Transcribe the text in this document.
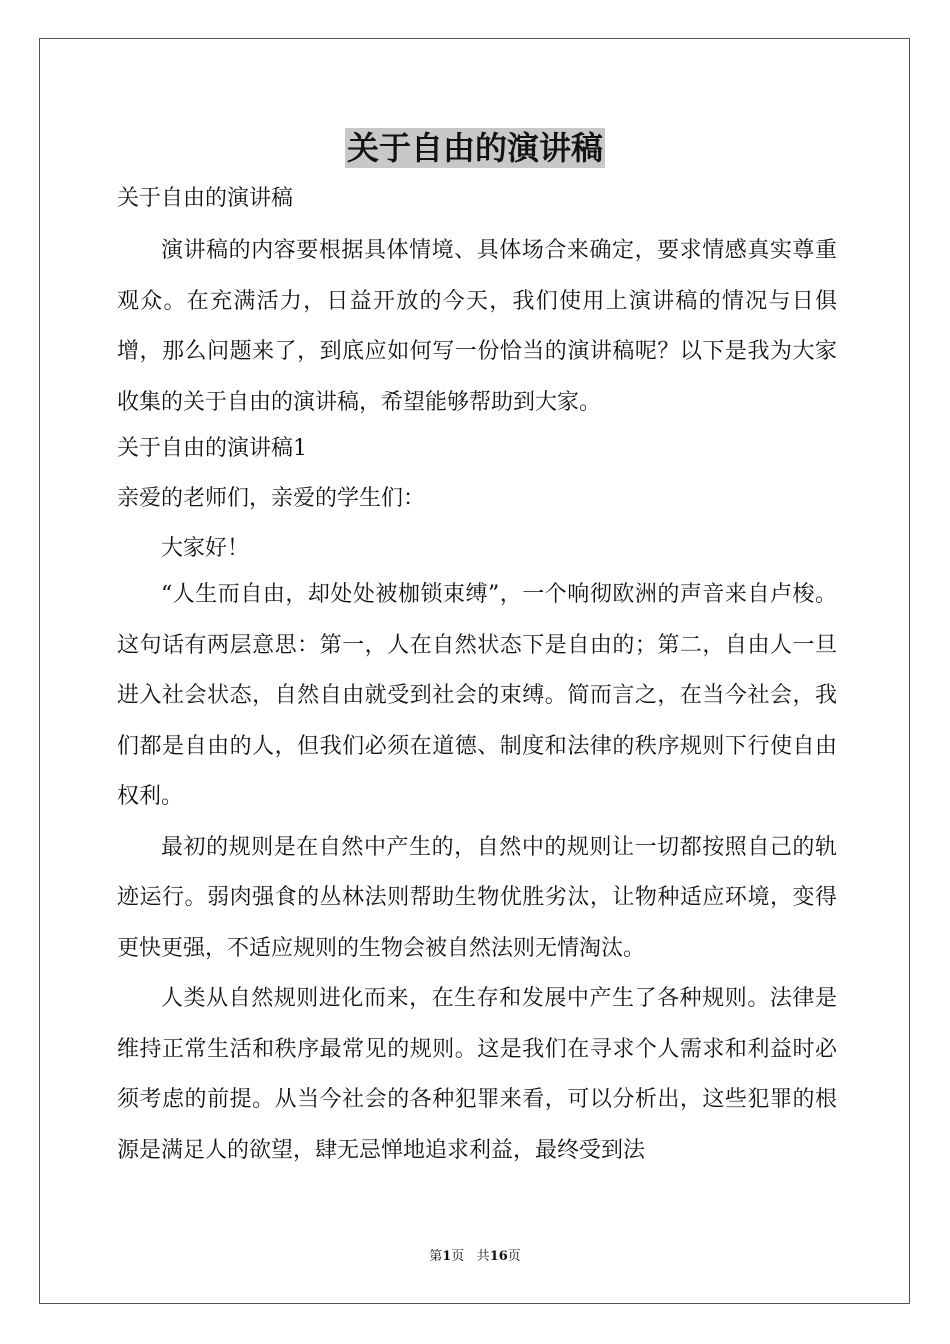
关于自由的演讲稿

关于自由的演讲稿

演讲稿的内容要根据具体情境、具体场合来确定，要求情感真实尊重观众。在充满活力，日益开放的今天，我们使用上演讲稿的情况与日俱增，那么问题来了，到底应如何写一份恰当的演讲稿呢？以下是我为大家收集的关于自由的演讲稿，希望能够帮助到大家。

关于自由的演讲稿1

亲爱的老师们，亲爱的学生们：

大家好！

“人生而自由，却处处被枷锁束缚”，一个响彻欧洲的声音来自卢梭。这句话有两层意思：第一，人在自然状态下是自由的；第二，自由人一旦进入社会状态，自然自由就受到社会的束缚。简而言之，在当今社会，我们都是自由的人，但我们必须在道德、制度和法律的秩序规则下行使自由权利。

最初的规则是在自然中产生的，自然中的规则让一切都按照自己的轨迹运行。弱肉强食的丛林法则帮助生物优胜劣汰，让物种适应环境，变得更快更强，不适应规则的生物会被自然法则无情淘汰。

人类从自然规则进化而来，在生存和发展中产生了各种规则。法律是维持正常生活和秩序最常见的规则。这是我们在寻求个人需求和利益时必须考虑的前提。从当今社会的各种犯罪来看，可以分析出，这些犯罪的根源是满足人的欲望，肆无忌惮地追求利益，最终受到法

第1页 共16页
